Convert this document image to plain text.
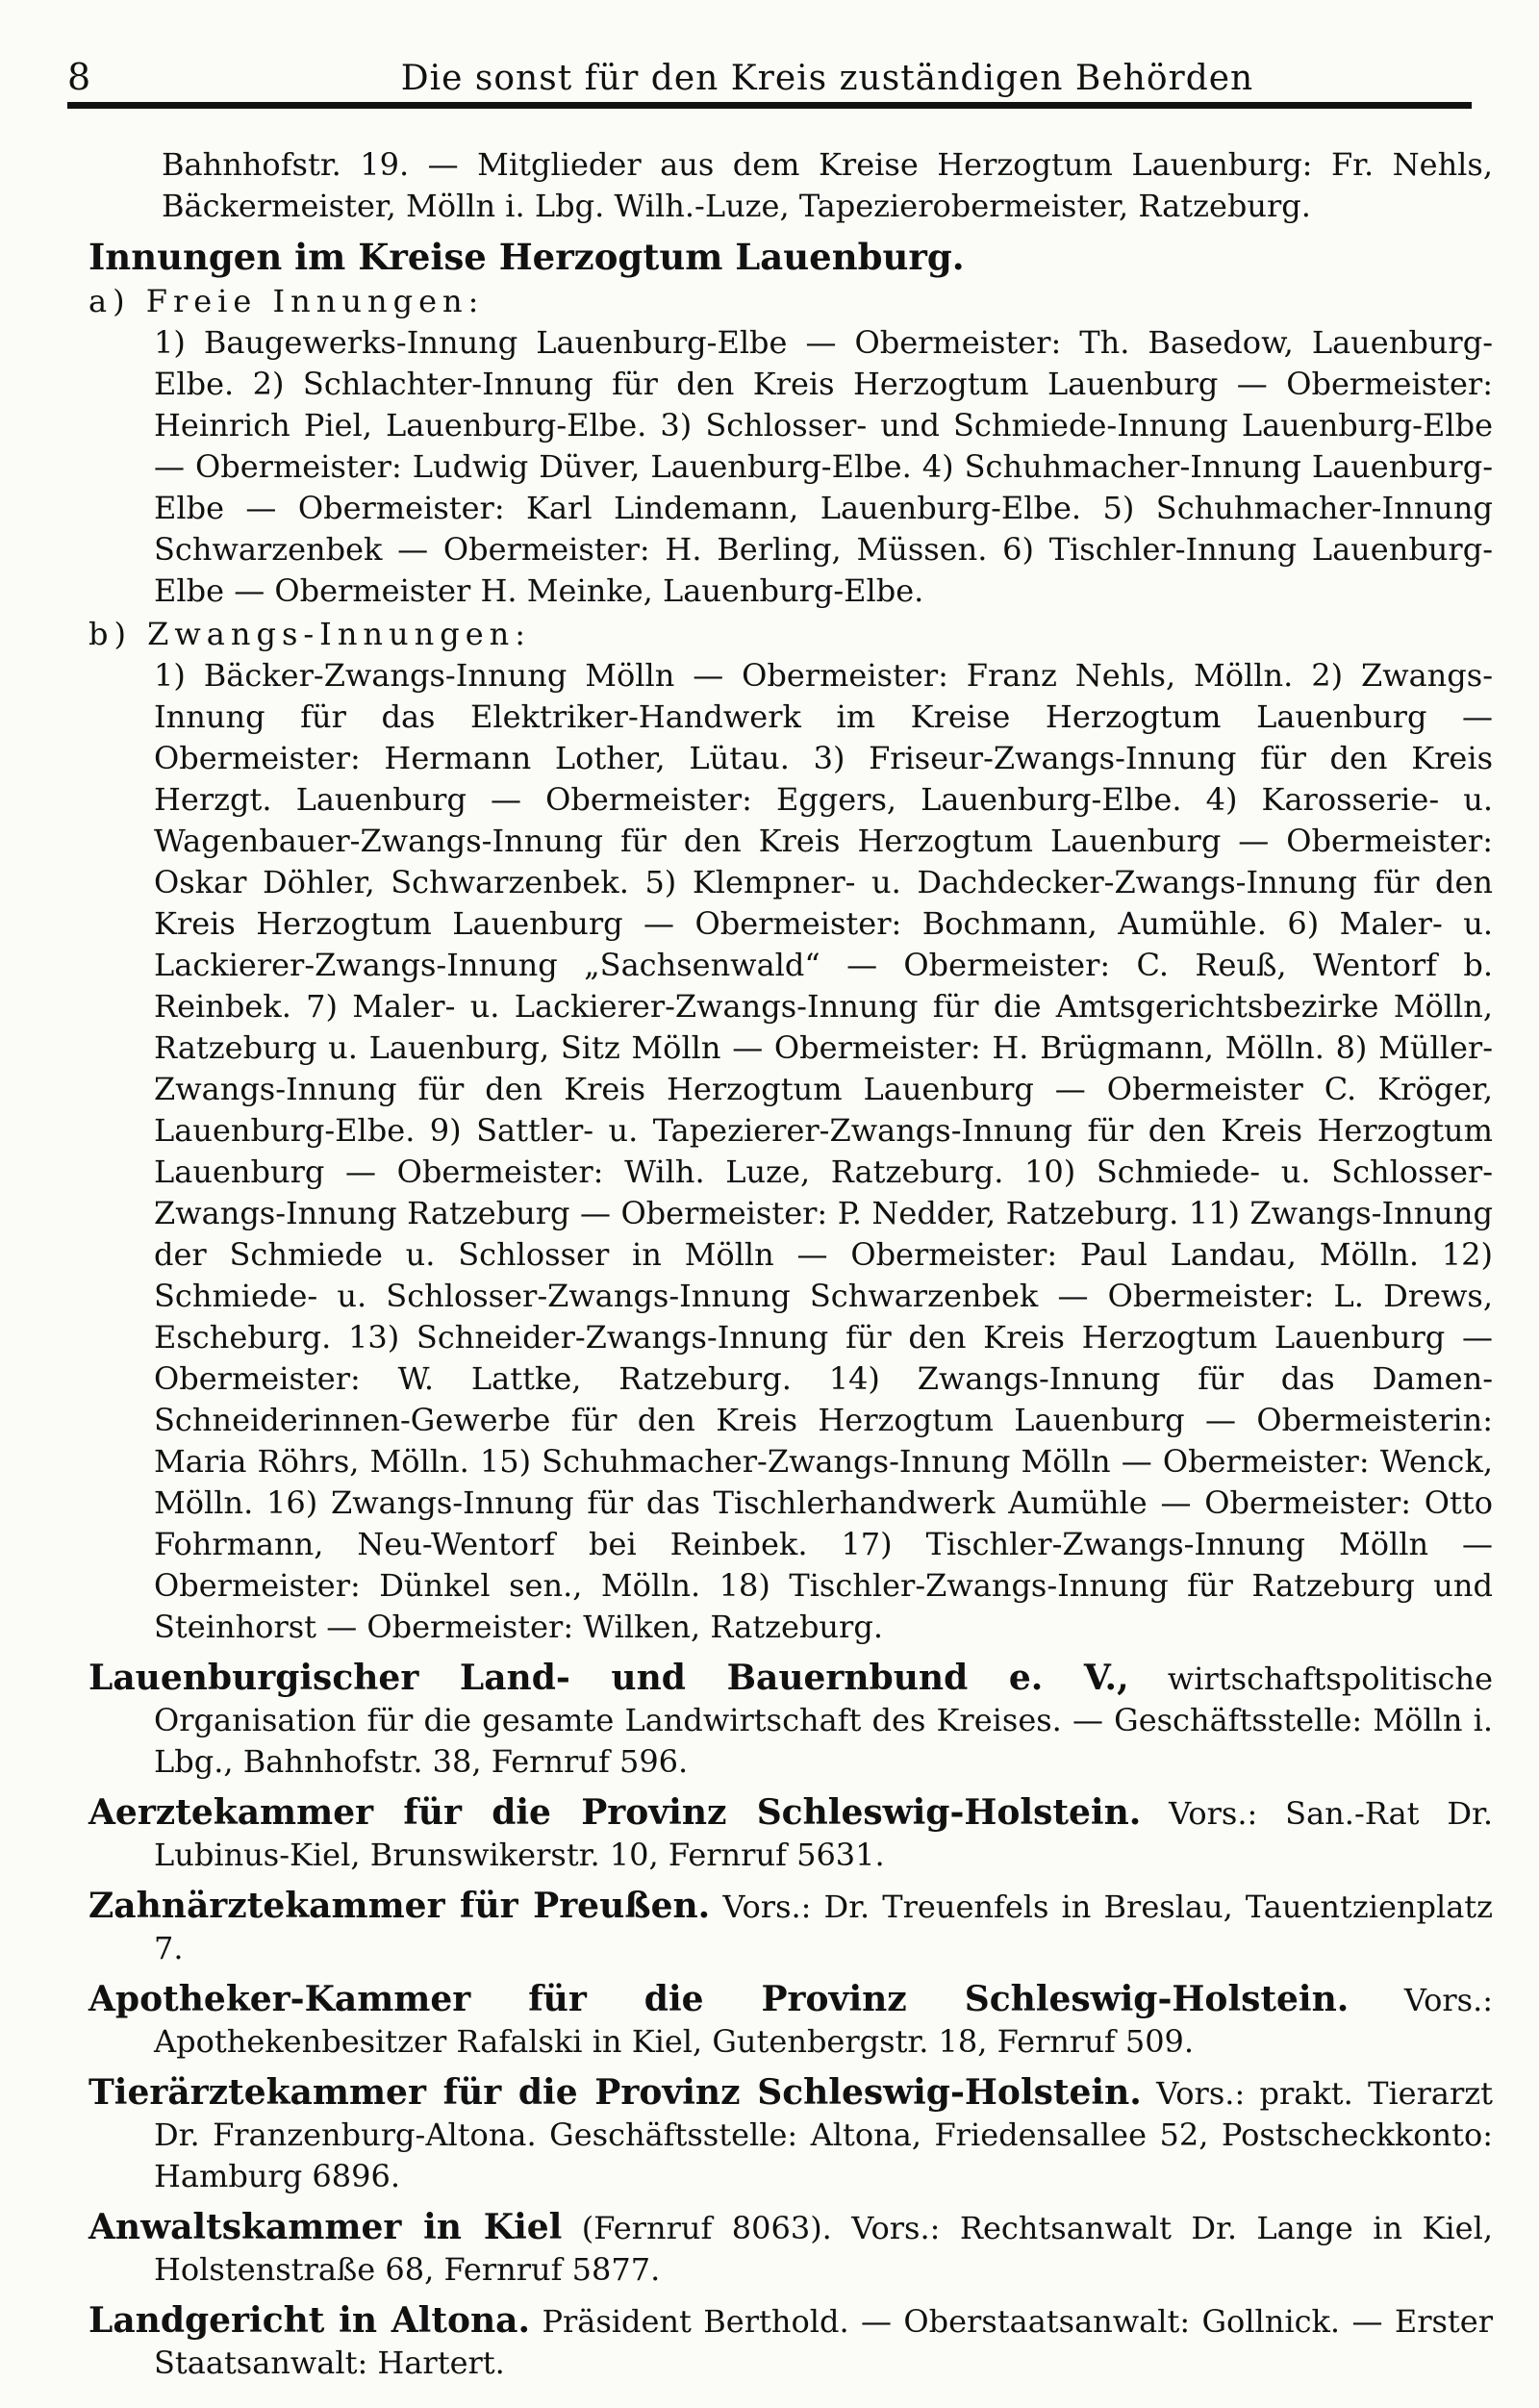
8	Die sonst für den Kreis zuständigen Behörden

Bahnhofstr. 19. — Mitglieder aus dem Kreise Herzogtum Lauenburg: Fr. Nehls, Bäckermeister, Mölln i. Lbg. Wilh.-Luze, Tapezierobermeister, Ratzeburg.

Innungen im Kreise Herzogtum Lauenburg.

a) Freie Innungen:

1) Baugewerks-Innung Lauenburg-Elbe — Obermeister: Th. Basedow, Lauenburg-Elbe. 2) Schlachter-Innung für den Kreis Herzogtum Lauenburg — Obermeister: Heinrich Piel, Lauenburg-Elbe. 3) Schlosser- und Schmiede-Innung Lauenburg-Elbe — Obermeister: Ludwig Düver, Lauenburg-Elbe. 4) Schuhmacher-Innung Lauenburg-Elbe — Obermeister: Karl Lindemann, Lauenburg-Elbe. 5) Schuhmacher-Innung Schwarzenbek — Obermeister: H. Berling, Müssen. 6) Tischler-Innung Lauenburg-Elbe — Obermeister H. Meinke, Lauenburg-Elbe.

b) Zwangs-Innungen:

1) Bäcker-Zwangs-Innung Mölln — Obermeister: Franz Nehls, Mölln. 2) Zwangs-Innung für das Elektriker-Handwerk im Kreise Herzogtum Lauenburg — Obermeister: Hermann Lother, Lütau. 3) Friseur-Zwangs-Innung für den Kreis Herzgt. Lauenburg — Obermeister: Eggers, Lauenburg-Elbe. 4) Karosserie- u. Wagenbauer-Zwangs-Innung für den Kreis Herzogtum Lauenburg — Obermeister: Oskar Döhler, Schwarzenbek. 5) Klempner- u. Dachdecker-Zwangs-Innung für den Kreis Herzogtum Lauenburg — Obermeister: Bochmann, Aumühle. 6) Maler- u. Lackierer-Zwangs-Innung „Sachsenwald“ — Obermeister: C. Reuß, Wentorf b. Reinbek. 7) Maler- u. Lackierer-Zwangs-Innung für die Amtsgerichtsbezirke Mölln, Ratzeburg u. Lauenburg, Sitz Mölln — Obermeister: H. Brügmann, Mölln. 8) Müller-Zwangs-Innung für den Kreis Herzogtum Lauenburg — Obermeister C. Kröger, Lauenburg-Elbe. 9) Sattler- u. Tapezierer-Zwangs-Innung für den Kreis Herzogtum Lauenburg — Obermeister: Wilh. Luze, Ratzeburg. 10) Schmiede- u. Schlosser-Zwangs-Innung Ratzeburg — Obermeister: P. Nedder, Ratzeburg. 11) Zwangs-Innung der Schmiede u. Schlosser in Mölln — Obermeister: Paul Landau, Mölln. 12) Schmiede- u. Schlosser-Zwangs-Innung Schwarzenbek — Obermeister: L. Drews, Escheburg. 13) Schneider-Zwangs-Innung für den Kreis Herzogtum Lauenburg — Obermeister: W. Lattke, Ratzeburg. 14) Zwangs-Innung für das Damen-Schneiderinnen-Gewerbe für den Kreis Herzogtum Lauenburg — Obermeisterin: Maria Röhrs, Mölln. 15) Schuhmacher-Zwangs-Innung Mölln — Obermeister: Wenck, Mölln. 16) Zwangs-Innung für das Tischlerhandwerk Aumühle — Obermeister: Otto Fohrmann, Neu-Wentorf bei Reinbek. 17) Tischler-Zwangs-Innung Mölln — Obermeister: Dünkel sen., Mölln. 18) Tischler-Zwangs-Innung für Ratzeburg und Steinhorst — Obermeister: Wilken, Ratzeburg.

Lauenburgischer Land- und Bauernbund e. V., wirtschaftspolitische Organisation für die gesamte Landwirtschaft des Kreises. — Geschäftsstelle: Mölln i. Lbg., Bahnhofstr. 38, Fernruf 596.

Aerztekammer für die Provinz Schleswig-Holstein. Vors.: San.-Rat Dr. Lubinus-Kiel, Brunswikerstr. 10, Fernruf 5631.

Zahnärztekammer für Preußen. Vors.: Dr. Treuenfels in Breslau, Tauentzienplatz 7.

Apotheker-Kammer für die Provinz Schleswig-Holstein. Vors.: Apothekenbesitzer Rafalski in Kiel, Gutenbergstr. 18, Fernruf 509.

Tierärztekammer für die Provinz Schleswig-Holstein. Vors.: prakt. Tierarzt Dr. Franzenburg-Altona. Geschäftsstelle: Altona, Friedensallee 52, Postscheckkonto: Hamburg 6896.

Anwaltskammer in Kiel (Fernruf 8063). Vors.: Rechtsanwalt Dr. Lange in Kiel, Holstenstraße 68, Fernruf 5877.

Landgericht in Altona. Präsident Berthold. — Oberstaatsanwalt: Gollnick. — Erster Staatsanwalt: Hartert.
